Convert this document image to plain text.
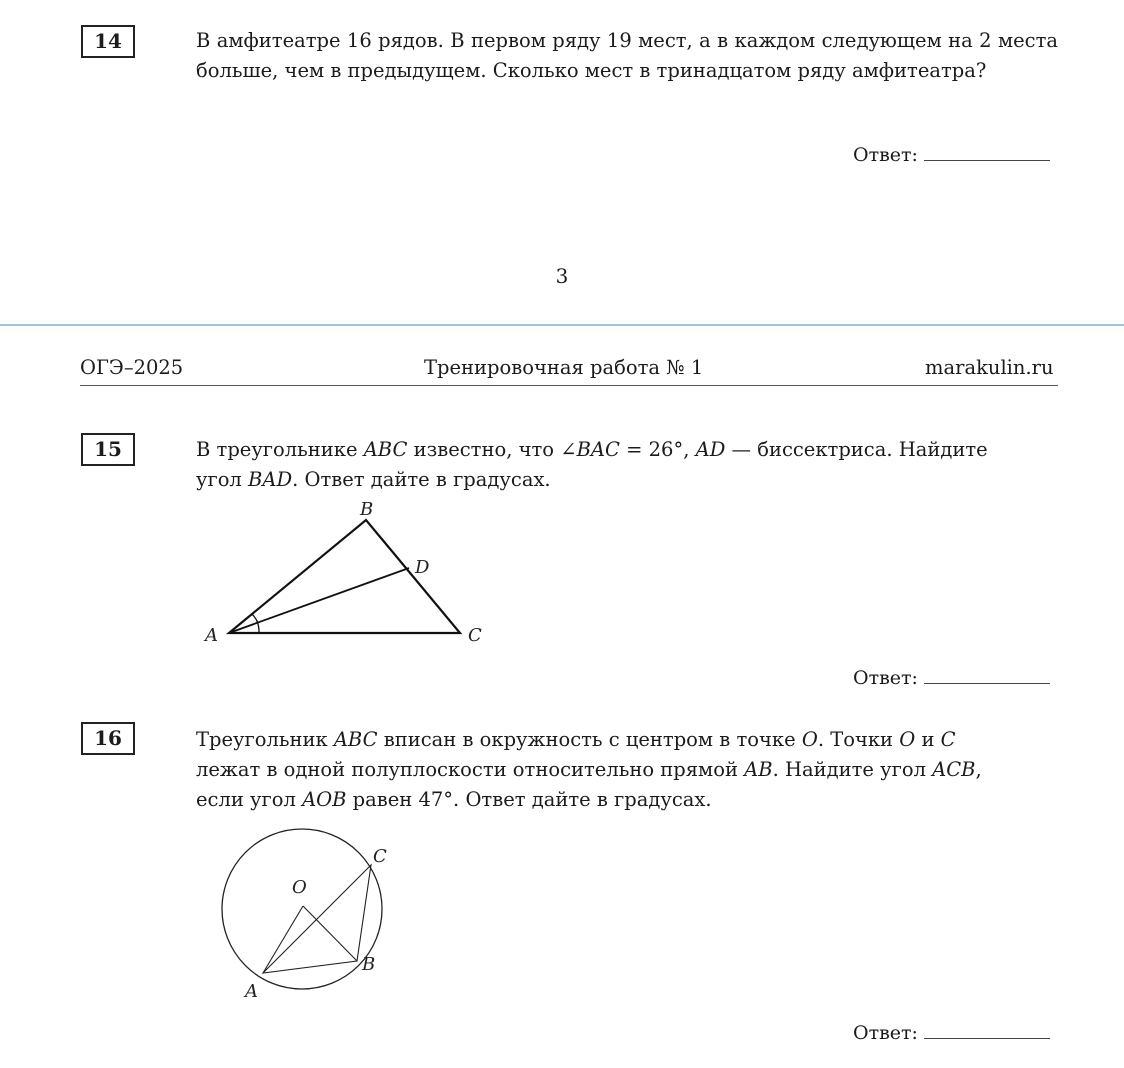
14	В амфитеатре 16 рядов. В первом ряду 19 мест, а в каждом следующем на 2 места больше, чем в предыдущем. Сколько мест в тринадцатом ряду амфитеатра?
Ответ:
3
ОГЭ–2025	Тренировочная работа № 1	marakulin.ru
15	В треугольнике ABC известно, что ∠BAC = 26°, AD — биссектриса. Найдите
угол BAD. Ответ дайте в градусах.
A
B
C
D
Ответ:
16	Треугольник ABC вписан в окружность с центром в точке O. Точки O и C
лежат в одной полуплоскости относительно прямой AB. Найдите угол ACB,
если угол AOB равен 47°. Ответ дайте в градусах.
A
B
C
O
Ответ:
